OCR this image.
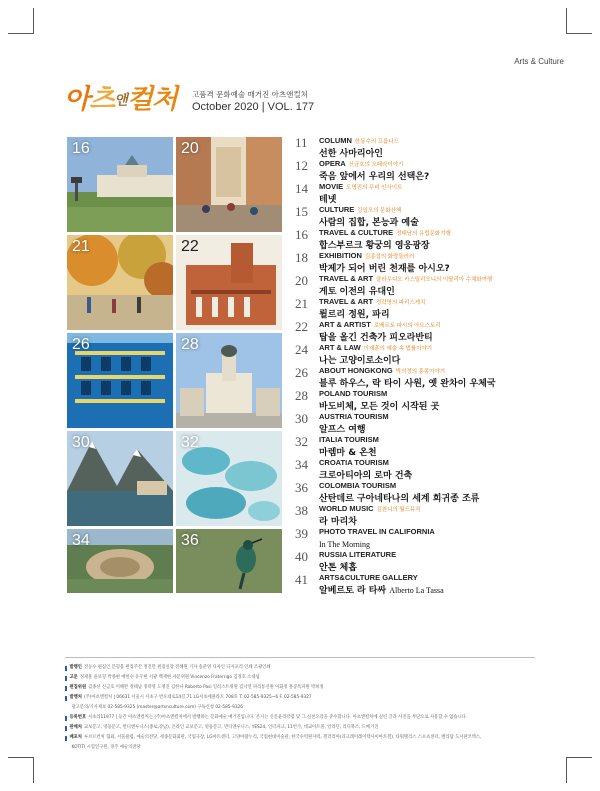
Arts & Culture
아츠앤컬처	고품격 문화예술 매거진 아츠앤컬처
October 2020 | VOL. 177
16	20
21	22
26	28
30	32
34	36
11	COLUMN 한동수의 프롬나드
선한 사마리아인
12	OPERA 신금호의 오페라이야기
죽음 앞에서 우리의 선택은?
14	MOVIE 도명진의 무비 인사이트
테넷
15	CULTURE 강일모의 문화산책
사람의 집합, 본능과 예술
16	TRAVEL & CULTURE 정태남의 유럽문화기행
합스부르크 황궁의 영웅광장
18	EXHIBITION 김종섭의 화랑둘러러
박제가 되어 버린 천재를 아시오?
20	TRAVEL & ART 클라우디오 카스틸리오니의 이탈리아 수채화여행
게토 이전의 유대인
21	TRAVEL & ART 정락영의 파리스케치
륄르리 정원, 파리
22	ART & ARTIST 로베르토 파시의 아트스토리
탑을 올긴 건축가 피오라반티
24	ART & LAW 이재훈의 예술 속 법률이야기
나는 고양이로소이다
26	ABOUT HONGKONG 박의정의 홍콩이야기
블루 하우스, 락 타이 사원, 옛 완차이 우체국
28	POLAND TOURISM
바도비체, 모든 것이 시작된 곳
30	AUSTRIA TOURISM
알프스 여행
32	ITALIA TOURISM
마렘마 & 온천
34	CROATIA TOURISM
크로아티아의 로마 건축
36	COLOMBIA TOURISM
산탄데르 구아네타나의 세계 희귀종 조류
38	WORLD MUSIC 김찬니의 월드뮤직
라 마리차
39	PHOTO TRAVEL IN CALIFORNIA
In The Morning
40	RUSSIA LITERATURE
안톤 체홉
41	ARTS&CULTURE GALLERY
알베르토 라 타싸 Alberto La Tassa
발행인 전동수 편집인 문형용 편집주간 정진만 편집실장 전혜원 기자 송준영 디자인 디자포리 인쇄 조광인쇄
고문 정재훈 윤보형 박종현 예헌수 유우현 서광 백재현 자문위원 Vincenzo Fraterrigo 김경호 소대섭
편집위원 김종선 신금호 이해완 정태남 정락영 도명진 김한나 Roberto Pasi 일러스트위원 김낙연 파리통신원 이화정 홍콩특파원 박희정
발행처 (주)아츠앤컬처 | 06631 서울시 서초구 반포대로14길 71 LG서초에클라트 708호 T. 02-585-9325~6 F. 02-585-9327
광고문의/기사제보 02-585-9325 (master@artsnculture.com) 구독신청 02-585-9326
등록번호 서초라11977 | 등간 아츠앤컬처는 (주)아츠앤컬처에서 발행하는 문화예술 매거진입니다. 본지는 신문윤리강령 및 그 실천요강을 준수합니다. 아츠앤컬처에 실린 글과 사진을 무단으로 사용할 수 없습니다.
판매처 교보문고, 영풍문고, 반디앤루니스(종로,강남), 온라인 교보문고, 영풍문고, 반디앤루니스, YES24, 인터파크, 11번가, 데교아트몰, 알라딘, 리디북스, 드메거진
배포처 루브르컨처 협회, 서울클럽, 예술의전당, 세종문화회관, 국립극장, LG아트센터, 고양아람누리, 국립현대미술관, 한국수력원자력, 갤러리아(과크레이레이텍사이아트갤), 타워팰리스 스포츠센터, 벨라담 도서관코엑스,
KOTITI 시험연구원, 경주 예술의전당
